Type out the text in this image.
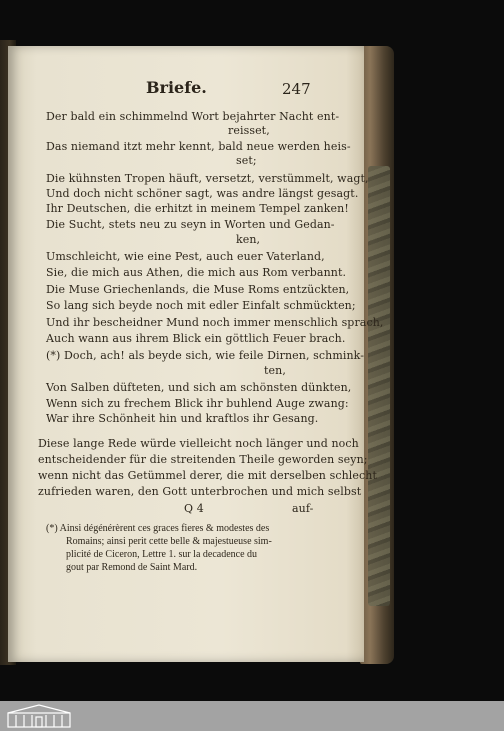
Briefe.	247
Der bald ein schimmelnd Wort bejahrter Nacht ent-
reisset,
Das niemand itzt mehr kennt, bald neue werden heis-
set;
Die kühnsten Tropen häuft, versetzt, verstümmelt, wagt,
Und doch nicht schöner sagt, was andre längst gesagt.
Ihr Deutschen, die erhitzt in meinem Tempel zanken!
Die Sucht, stets neu zu seyn in Worten und Gedan-
ken,
Umschleicht, wie eine Pest, auch euer Vaterland,
Sie, die mich aus Athen, die mich aus Rom verbannt.
Die Muse Griechenlands, die Muse Roms entzückten,
So lang sich beyde noch mit edler Einfalt schmückten;
Und ihr bescheidner Mund noch immer menschlich sprach,
Auch wann aus ihrem Blick ein göttlich Feuer brach.
(*) Doch, ach! als beyde sich, wie feile Dirnen, schmink-
ten,
Von Salben düfteten, und sich am schönsten dünkten,
Wenn sich zu frechem Blick ihr buhlend Auge zwang:
War ihre Schönheit hin und kraftlos ihr Gesang.
Diese lange Rede würde vielleicht noch länger und noch
entscheidender für die streitenden Theile geworden seyn;
wenn nicht das Getümmel derer, die mit derselben schlecht
zufrieden waren, den Gott unterbrochen und mich selbst
Q 4	auf-
(*) Ainsi dégénérèrent ces graces fieres & modestes des
Romains; ainsi perit cette belle & majestueuse sim-
plicité de Ciceron, Lettre 1. sur la decadence du
gout par Remond de Saint Mard.
